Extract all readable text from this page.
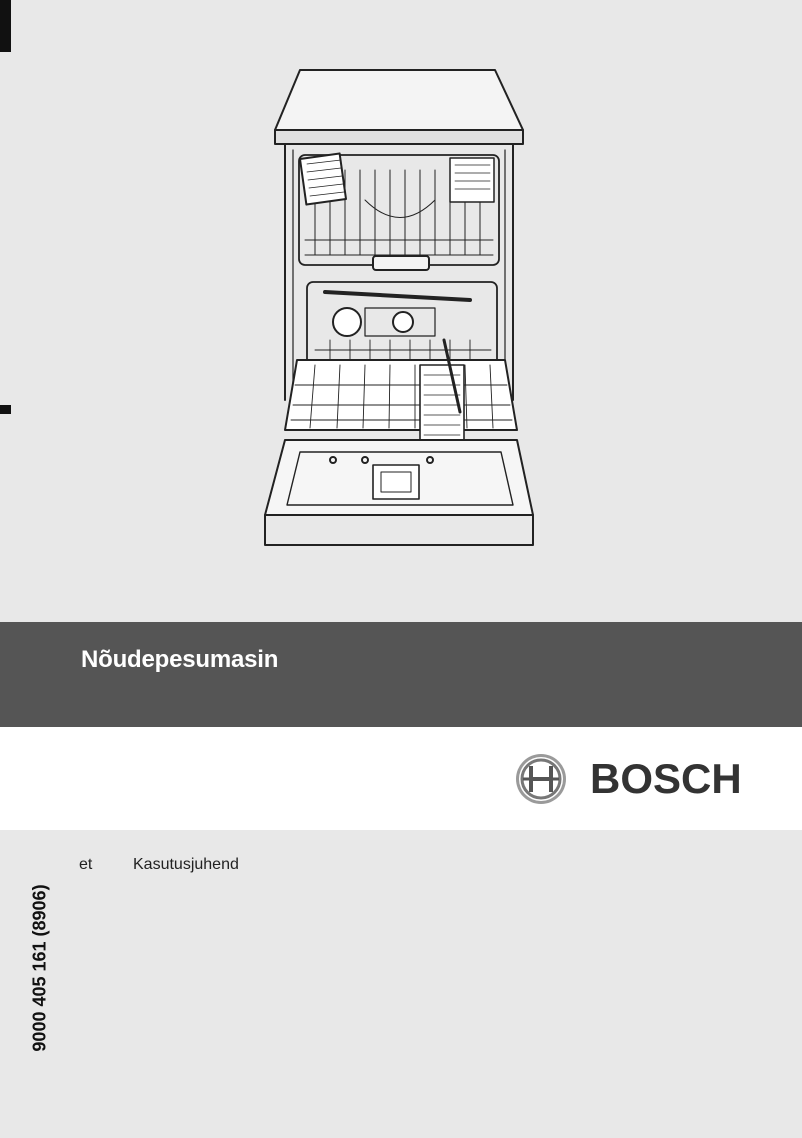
Nõudepesumasin
BOSCH
et	Kasutusjuhend
9000 405 161 (8906)
